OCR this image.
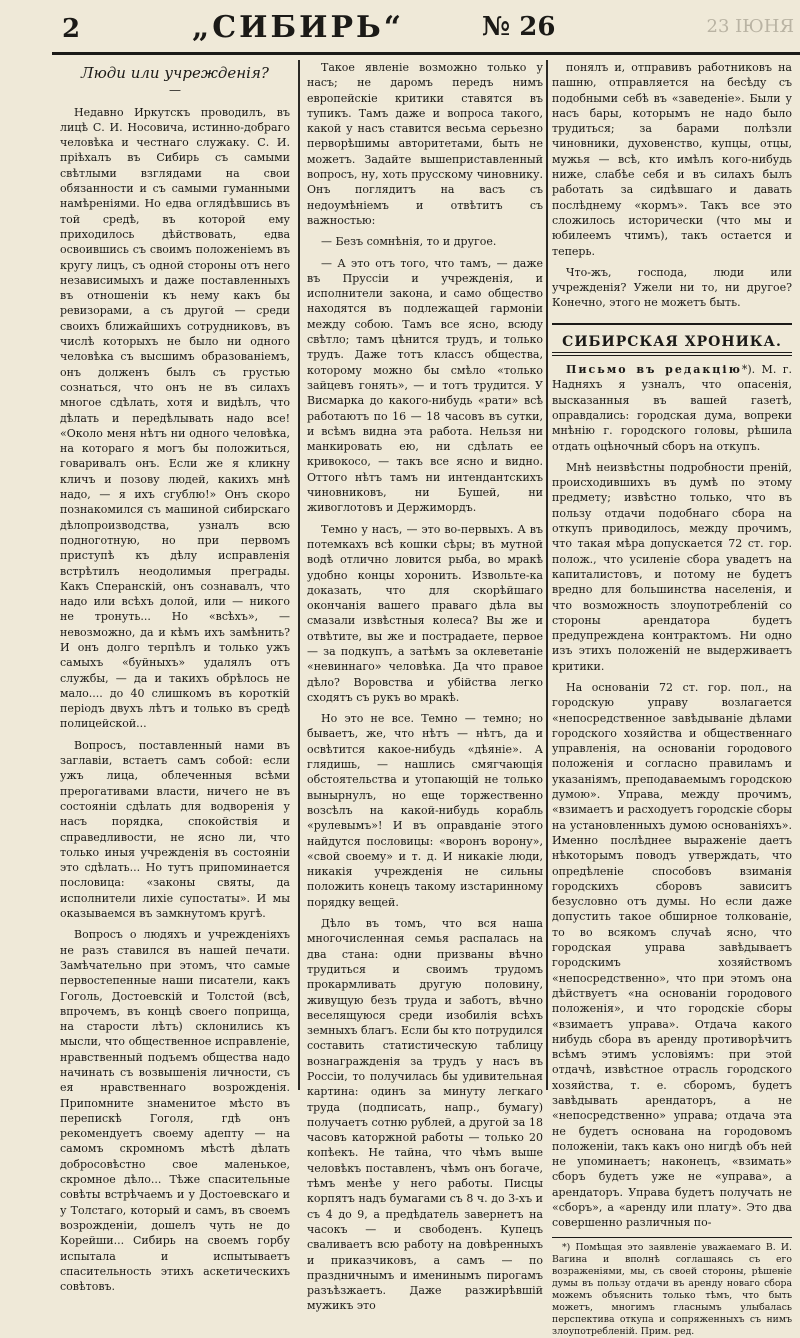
2	„СИБИРЬ“	№ 26	23 IЮНЯ
Люди или учрежденія?
—

Недавно Иркутскъ проводилъ, въ лицѣ С. И. Носовича, истинно-добраго человѣка и честнаго служаку. С. И. пріѣхалъ въ Сибирь съ самыми свѣтлыми взглядами на свои обязанности и съ самыми гуманными намѣреніями. Но едва оглядѣвшись въ той средѣ, въ которой ему приходилось дѣйствовать, едва освоившись съ своимъ положеніемъ въ кругу лицъ, съ одной стороны отъ него независимыхъ и даже поставленныхъ въ отношеніи къ нему какъ бы ревизорами, а съ другой — среди своихъ ближайшихъ сотрудниковъ, въ числѣ которыхъ не было ни одного человѣка съ высшимъ образованіемъ, онъ долженъ былъ съ грустью сознаться, что онъ не въ силахъ многое сдѣлать, хотя и видѣлъ, что дѣлать и передѣлывать надо все! «Около меня нѣтъ ни одного человѣка, на котораго я могъ бы положиться, говаривалъ онъ. Если же я кликну кличъ и позову людей, какихъ мнѣ надо, — я ихъ сгублю!» Онъ скоро познакомился съ машиной сибирскаго дѣлопроизводства, узналъ всю подноготную, но при первомъ приступѣ къ дѣлу исправленія встрѣтилъ неодолимыя преграды. Какъ Сперанскій, онъ сознавалъ, что надо или всѣхъ долой, или — никого не тронуть... Но «всѣхъ», — невозможно, да и кѣмъ ихъ замѣнить? И онъ долго терпѣлъ и только ужъ самыхъ «буйныхъ» удалялъ отъ службы, — да и такихъ обрѣлось не мало.... до 40 слишкомъ въ короткій періодъ двухъ лѣтъ и только въ средѣ полицейской...

Вопросъ, поставленный нами въ заглавіи, встаетъ самъ собой: если ужъ лица, облеченныя всѣми прерогативами власти, ничего не въ состояніи сдѣлать для водворенія у насъ порядка, спокойствія и справедливости, не ясно ли, что только иныя учрежденія въ состояніи это сдѣлать... Но тутъ припоминается пословица: «законы святы, да исполнители лихіе супостаты». И мы оказываемся въ замкнутомъ кругѣ.

Вопросъ о людяхъ и учрежденіяхъ не разъ ставился въ нашей печати. Замѣчательно при этомъ, что самые первостепенные наши писатели, какъ Гоголь, Достоевскій и Толстой (всѣ, впрочемъ, въ концѣ своего поприща, на старости лѣтъ) склонились къ мысли, что общественное исправленіе, нравственный подъемъ общества надо начинать съ возвышенія личности, съ ея нравственнаго возрожденія. Припомните знаменитое мѣсто въ перепискѣ Гоголя, гдѣ онъ рекомендуетъ своему адепту — на самомъ скромномъ мѣстѣ дѣлать добросовѣстно свое маленькое, скромное дѣло... Тѣже спасительные совѣты встрѣчаемъ и у Достоевскаго и у Толстаго, который и самъ, въ своемъ возрожденіи, дошелъ чуть не до Корейши... Сибирь на своемъ горбу испытала и испытываетъ спасительность этихъ аскетическихъ совѣтовъ.

Такое явленіе возможно только у насъ; не даромъ передъ нимъ европейскіе критики ставятся въ тупикъ. Тамъ даже и вопроса такого, какой у насъ ставится весьма серьезно перворѣшимы авторитетами, быть не можетъ. Задайте вышеприставленный вопросъ, ну, хоть прусскому чиновнику. Онъ поглядитъ на васъ съ недоумѣніемъ и отвѣтитъ съ важностью:

— Безъ сомнѣнія, то и другое.

— А это отъ того, что тамъ, — даже въ Пруссіи и учрежденія, и исполнители закона, и само общество находятся въ подлежащей гармоніи между собою. Тамъ все ясно, всюду свѣтло; тамъ цѣнится трудъ, и только трудъ. Даже тотъ классъ общества, которому можно бы смѣло «только зайцевъ гонять», — и тотъ трудится. У Висмарка до какого-нибудь «рати» всѣ работаютъ по 16 — 18 часовъ въ сутки, и всѣмъ видна эта работа. Нельзя ни манкировать ею, ни сдѣлать ее кривокосо, — такъ все ясно и видно. Оттого нѣтъ тамъ ни интендантскихъ чиновниковъ, ни Бушей, ни живоглотовъ и Держимордъ.

Темно у насъ, — это во-первыхъ. А въ потемкахъ всѣ кошки сѣры; въ мутной водѣ отлично ловится рыба, во мракѣ удобно концы хоронить. Извольте-ка доказать, что для скорѣйшаго окончанія вашего праваго дѣла вы смазали извѣстныя колеса? Вы же и отвѣтите, вы же и пострадаете, первое — за подкупъ, а затѣмъ за оклеветаніе «невиннаго» человѣка. Да что правое дѣло? Воровства и убійства легко сходятъ съ рукъ во мракѣ.

Но это не все. Темно — темно; но бываетъ, же, что нѣтъ — нѣтъ, да и освѣтится какое-нибудь «дѣяніе». А глядишь, — нашлись смягчающія обстоятельства и утопающій не только вынырнулъ, но еще торжественно возсѣлъ на какой-нибудь корабль «рулевымъ»! И въ оправданіе этого найдутся пословицы: «воронъ ворону», «свой своему» и т. д. И никакіе люди, никакія учрежденія не сильны положить конецъ такому изстаринному порядку вещей.

Дѣло въ томъ, что вся наша многочисленная семья распалась на два стана: одни призваны вѣчно трудиться и своимъ трудомъ прокармливать другую половину, живущую безъ труда и заботъ, вѣчно веселящуюся среди изобилія всѣхъ земныхъ благъ. Если бы кто потрудился составить статистическую таблицу вознагражденія за трудъ у насъ въ Россіи, то получилась бы удивительная картина: одинъ за минуту легкаго труда (подписать, напр., бумагу) получаетъ сотню рублей, а другой за 18 часовъ каторжной работы — только 20 копѣекъ. Не тайна, что чѣмъ выше человѣкъ поставленъ, чѣмъ онъ богаче, тѣмъ менѣе у него работы. Писцы корпятъ надъ бумагами съ 8 ч. до 3-хъ и съ 4 до 9, а предѣдатель завернетъ на часокъ — и свободенъ. Купецъ сваливаетъ всю работу на довѣренныхъ и приказчиковъ, а самъ — по праздничнымъ и именинымъ пирогамъ разъѣзжаетъ. Даже разжирѣвшій мужикъ это

понялъ и, отправивъ работниковъ на пашню, отправляется на бесѣду съ подобными себѣ въ «заведеніе». Были у насъ бары, которымъ не надо было трудиться; за барами полѣзли чиновники, духовенство, купцы, отцы, мужья — всѣ, кто имѣлъ кого-нибудь ниже, слабѣе себя и въ силахъ былъ работать за сидѣвшаго и давать послѣднему «кормъ». Такъ все это сложилось исторически (что мы и юбилеемъ чтимъ), такъ остается и теперь.

Что-жъ, господа, люди или учрежденія? Ужели ни то, ни другое? Конечно, этого не можетъ быть.

СИБИРСКАЯ ХРОНИКА.

Письмо въ редакцію*). М. г. Надняхъ я узналъ, что опасенія, высказанныя въ вашей газетѣ, оправдались: городская дума, вопреки мнѣнію г. городского головы, рѣшила отдать оцѣночный сборъ на откупъ.

Мнѣ неизвѣстны подробности преній, происходившихъ въ думѣ по этому предмету; извѣстно только, что въ пользу отдачи подобнаго сбора на откупъ приводилось, между прочимъ, что такая мѣра допускается 72 ст. гор. полож., что усиленіе сбора увадетъ на капиталистовъ, и потому не будетъ вредно для большинства населенія, и что возможность злоупотребленій со стороны арендатора будетъ предупреждена контрактомъ. Ни одно изъ этихъ положеній не выдерживаетъ критики.

На основаніи 72 ст. гор. пол., на городскую управу возлагается «непосредственное завѣдываніе дѣлами городского хозяйства и общественнаго управленія, на основаніи городового положенія и согласно правиламъ и указаніямъ, преподаваемымъ городскою думою». Управа, между прочимъ, «взимаетъ и расходуетъ городскіе сборы на установленныхъ думою основаніяхъ». Именно послѣднее выраженіе даетъ нѣкоторымъ поводъ утверждать, что опредѣленіе способовъ взиманія городскихъ сборовъ зависитъ безусловно отъ думы. Но если даже допустить такое обширное толкованіе, то во всякомъ случаѣ ясно, что городская управа завѣдываетъ городскимъ хозяйствомъ «непосредственно», что при этомъ она дѣйствуетъ «на основаніи городового положенія», и что городскіе сборы «взимаетъ управа». Отдача какого нибудь сбора въ аренду противорѣчитъ всѣмъ этимъ условіямъ: при этой отдачѣ, извѣстное отрасль городского хозяйства, т. е. сборомъ, будетъ завѣдывать арендаторъ, а не «непосредственно» управа; отдача эта не будетъ основана на городовомъ положеніи, такъ какъ оно нигдѣ объ ней не упоминаетъ; наконецъ, «взимать» сборъ будетъ уже не «управа», а арендаторъ. Управа будетъ получать не «сборъ», а «аренду или плату». Это два совершенно различныя по-

*) Помѣщая это заявленіе уважаемаго В. И. Вагина и вполнѣ соглашаясь съ его возраженіями, мы, съ своей стороны, рѣшеніе думы въ пользу отдачи въ аренду новаго сбора можемъ объяснить только тѣмъ, что быть можетъ, многимъ гласнымъ улыбалась перспектива откупа и сопряженныхъ съ нимъ злоупотребленій. Прим. ред.
